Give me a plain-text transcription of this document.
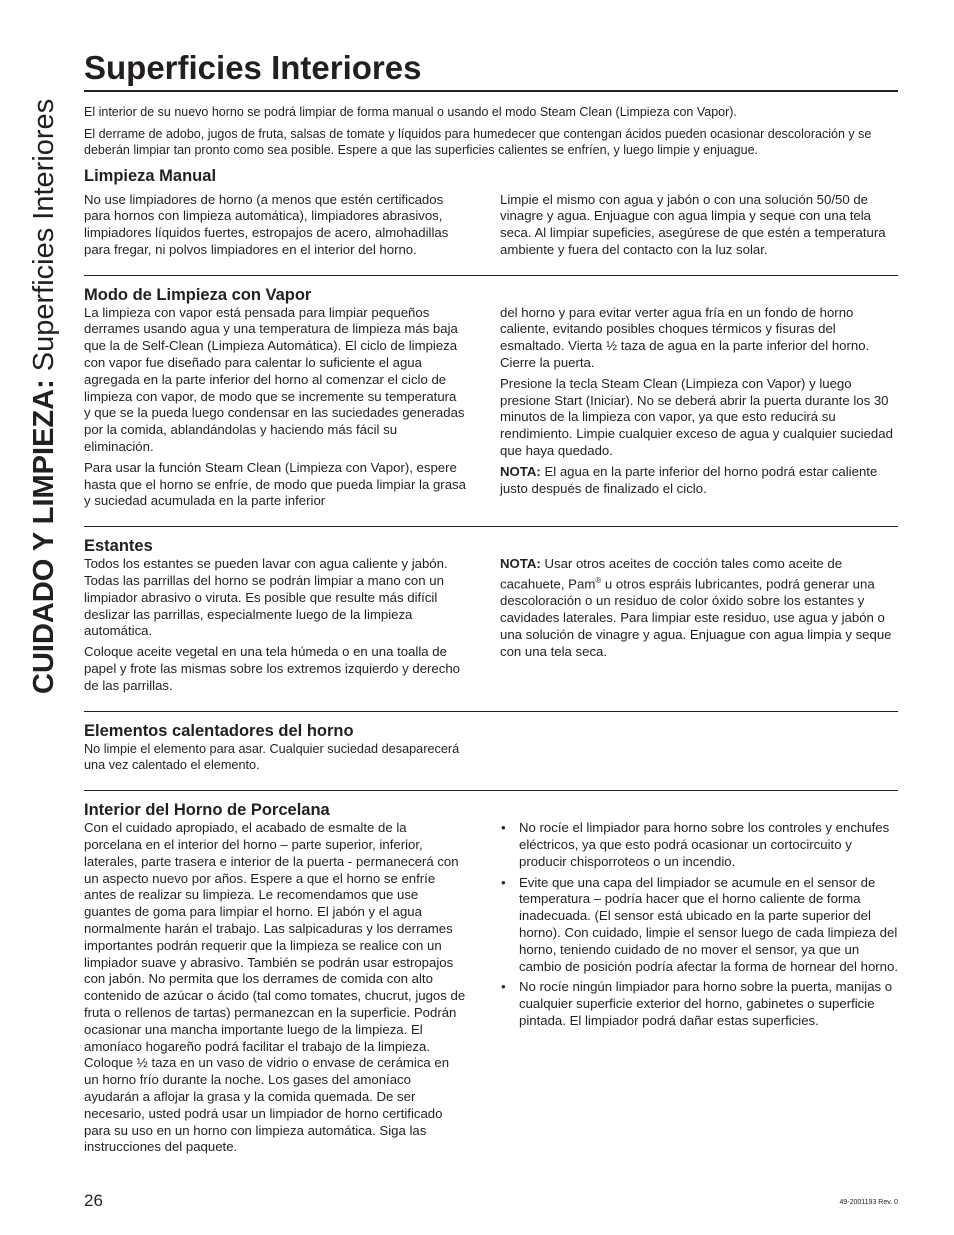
CUIDADO Y LIMPIEZA: Superficies Interiores
Superficies Interiores

El interior de su nuevo horno se podrá limpiar de forma manual o usando el modo Steam Clean (Limpieza con Vapor).

El derrame de adobo, jugos de fruta, salsas de tomate y líquidos para humedecer que contengan ácidos pueden ocasionar descoloración y se deberán limpiar tan pronto como sea posible. Espere a que las superficies calientes se enfríen, y luego limpie y enjuague.

Limpieza Manual

No use limpiadores de horno (a menos que estén certificados para hornos con limpieza automática), limpiadores abrasivos, limpiadores líquidos fuertes, estropajos de acero, almohadillas para fregar, ni polvos limpiadores en el interior del horno.

Limpie el mismo con agua y jabón o con una solución 50/50 de vinagre y agua. Enjuague con agua limpia y seque con una tela seca. Al limpiar supeficies, asegúrese de que estén a temperatura ambiente y fuera del contacto con la luz solar.

Modo de Limpieza con Vapor

La limpieza con vapor está pensada para limpiar pequeños derrames usando agua y una temperatura de limpieza más baja que la de Self-Clean (Limpieza Automática). El ciclo de limpieza con vapor fue diseñado para calentar lo suficiente el agua agregada en la parte inferior del horno al comenzar el ciclo de limpieza con vapor, de modo que se incremente su temperatura y que se la pueda luego condensar en las suciedades generadas por la comida, ablandándolas y haciendo más fácil su eliminación.

Para usar la función Steam Clean (Limpieza con Vapor), espere hasta que el horno se enfríe, de modo que pueda limpiar la grasa y suciedad acumulada en la parte inferior

del horno y para evitar verter agua fría en un fondo de horno caliente, evitando posibles choques térmicos y fisuras del esmaltado. Vierta ½ taza de agua en la parte inferior del horno. Cierre la puerta.

Presione la tecla Steam Clean (Limpieza con Vapor) y luego presione Start (Iniciar). No se deberá abrir la puerta durante los 30 minutos de la limpieza con vapor, ya que esto reducirá su rendimiento. Limpie cualquier exceso de agua y cualquier suciedad que haya quedado.

NOTA: El agua en la parte inferior del horno podrá estar caliente justo después de finalizado el ciclo.

Estantes

Todos los estantes se pueden lavar con agua caliente y jabón. Todas las parrillas del horno se podrán limpiar a mano con un limpiador abrasivo o viruta. Es posible que resulte más difícil deslizar las parrillas, especialmente luego de la limpieza automática.

Coloque aceite vegetal en una tela húmeda o en una toalla de papel y frote las mismas sobre los extremos izquierdo y derecho de las parrillas.

NOTA: Usar otros aceites de cocción tales como aceite de cacahuete, Pam® u otros espráis lubricantes, podrá generar una descoloración o un residuo de color óxido sobre los estantes y cavidades laterales. Para limpiar este residuo, use agua y jabón o una solución de vinagre y agua. Enjuague con agua limpia y seque con una tela seca.

Elementos calentadores del horno

No limpie el elemento para asar. Cualquier suciedad desaparecerá una vez calentado el elemento.

Interior del Horno de Porcelana

Con el cuidado apropiado, el acabado de esmalte de la porcelana en el interior del horno – parte superior, inferior, laterales, parte trasera e interior de la puerta - permanecerá con un aspecto nuevo por años. Espere a que el horno se enfríe antes de realizar su limpieza. Le recomendamos que use guantes de goma para limpiar el horno. El jabón y el agua normalmente harán el trabajo. Las salpicaduras y los derrames importantes podrán requerir que la limpieza se realice con un limpiador suave y abrasivo. También se podrán usar estropajos con jabón. No permita que los derrames de comida con alto contenido de azúcar o ácido (tal como tomates, chucrut, jugos de fruta o rellenos de tartas) permanezcan en la superficie. Podrán ocasionar una mancha importante luego de la limpieza. El amoníaco hogareño podrá facilitar el trabajo de la limpieza. Coloque ½ taza en un vaso de vidrio o envase de cerámica en un horno frío durante la noche. Los gases del amoníaco ayudarán a aflojar la grasa y la comida quemada. De ser necesario, usted podrá usar un limpiador de horno certificado para su uso en un horno con limpieza automática. Siga las instrucciones del paquete.

• No rocíe el limpiador para horno sobre los controles y enchufes eléctricos, ya que esto podrá ocasionar un cortocircuito y producir chisporroteos o un incendio.
• Evite que una capa del limpiador se acumule en el sensor de temperatura – podría hacer que el horno caliente de forma inadecuada. (El sensor está ubicado en la parte superior del horno). Con cuidado, limpie el sensor luego de cada limpieza del horno, teniendo cuidado de no mover el sensor, ya que un cambio de posición podría afectar la forma de hornear del horno.
• No rocíe ningún limpiador para horno sobre la puerta, manijas o cualquier superficie exterior del horno, gabinetes o superficie pintada. El limpiador podrá dañar estas superficies.
26	49-2001193 Rev. 0
